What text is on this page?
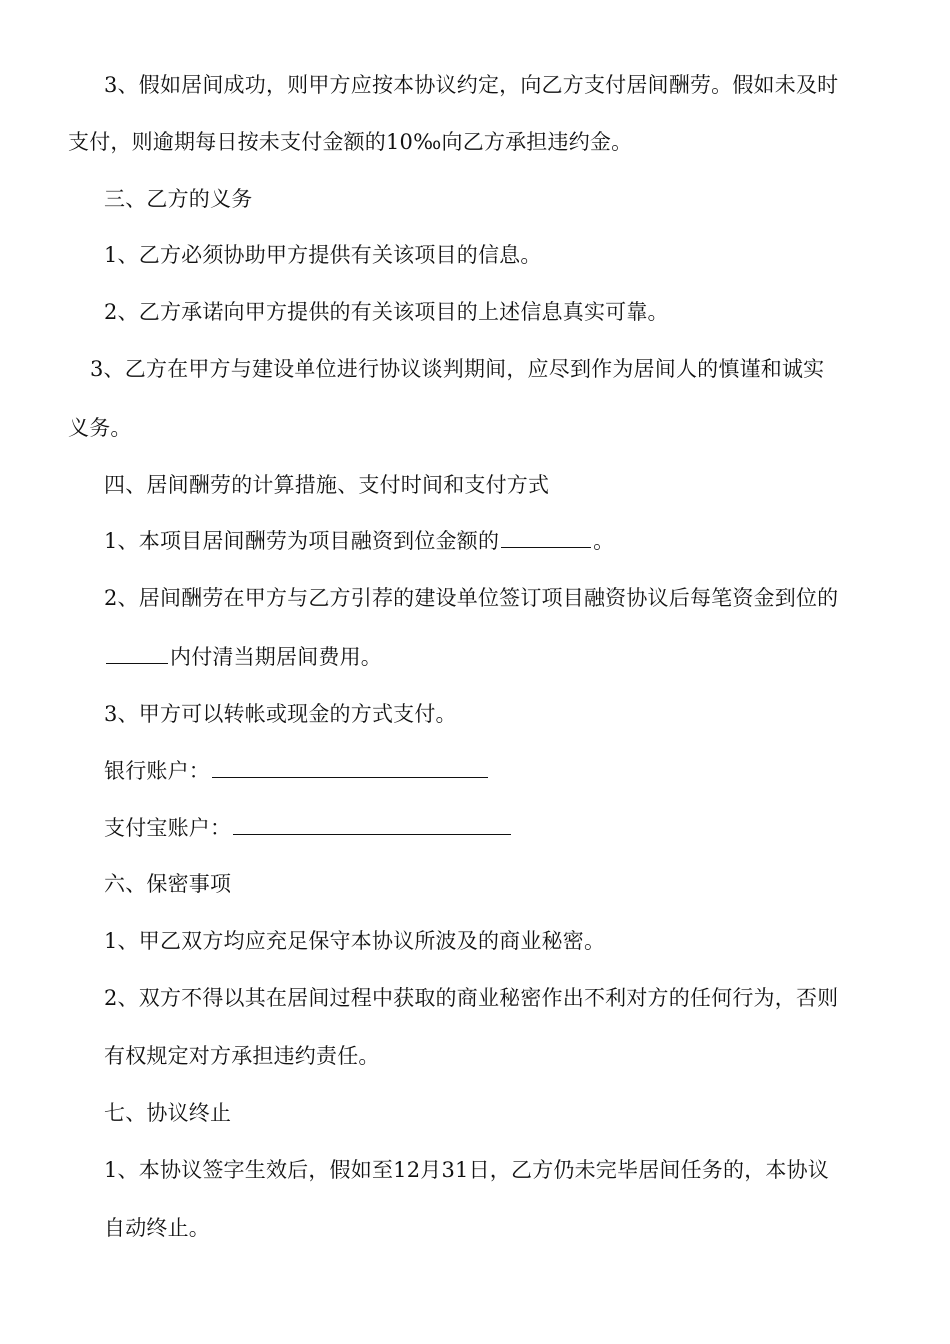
3、假如居间成功，则甲方应按本协议约定，向乙方支付居间酬劳。假如未及时
支付，则逾期每日按未支付金额的10‰向乙方承担违约金。
三、乙方的义务
1、乙方必须协助甲方提供有关该项目的信息。
2、乙方承诺向甲方提供的有关该项目的上述信息真实可靠。
3、乙方在甲方与建设单位进行协议谈判期间，应尽到作为居间人的慎谨和诚实
义务。
四、居间酬劳的计算措施、支付时间和支付方式
1、本项目居间酬劳为项目融资到位金额的	。
2、居间酬劳在甲方与乙方引荐的建设单位签订项目融资协议后每笔资金到位的
内付清当期居间费用。
3、甲方可以转帐或现金的方式支付。
银行账户：
支付宝账户：
六、保密事项
1、甲乙双方均应充足保守本协议所波及的商业秘密。
2、双方不得以其在居间过程中获取的商业秘密作出不利对方的任何行为，否则
有权规定对方承担违约责任。
七、协议终止
1、本协议签字生效后，假如至12月31日，乙方仍未完毕居间任务的，本协议
自动终止。
